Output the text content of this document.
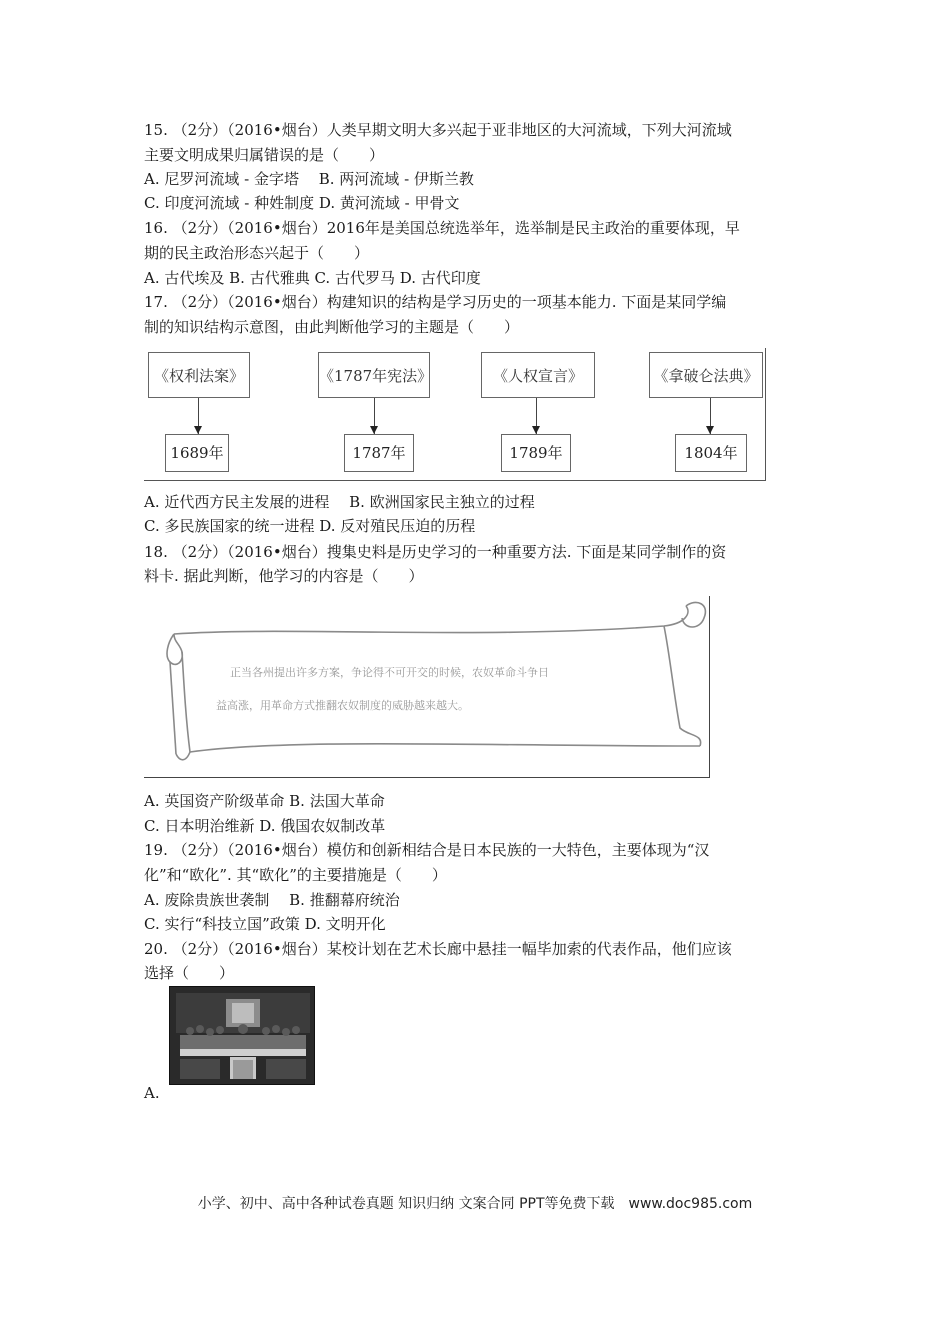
15. （2分）（2016•烟台）人类早期文明大多兴起于亚非地区的大河流域，下列大河流域
主要文明成果归属错误的是（　　）
A. 尼罗河流域 - 金字塔　 B. 两河流域 - 伊斯兰教
C. 印度河流域 - 种姓制度 D. 黄河流域 - 甲骨文
16. （2分）（2016•烟台）2016年是美国总统选举年，选举制是民主政治的重要体现，早
期的民主政治形态兴起于（　　）
A. 古代埃及 B. 古代雅典 C. 古代罗马 D. 古代印度
17. （2分）（2016•烟台）构建知识的结构是学习历史的一项基本能力. 下面是某同学编
制的知识结构示意图，由此判断他学习的主题是（　　）
《权利法案》
1689年
《1787年宪法》
1787年
《人权宣言》
1789年
《拿破仑法典》
1804年
A. 近代西方民主发展的进程　 B. 欧洲国家民主独立的过程
C. 多民族国家的统一进程 D. 反对殖民压迫的历程
18. （2分）（2016•烟台）搜集史料是历史学习的一种重要方法. 下面是某同学制作的资
料卡. 据此判断，他学习的内容是（　　）
正当各州提出许多方案，争论得不可开交的时候，农奴革命斗争日
益高涨，用革命方式推翻农奴制度的威胁越来越大。
A. 英国资产阶级革命 B. 法国大革命
C. 日本明治维新 D. 俄国农奴制改革
19. （2分）（2016•烟台）模仿和创新相结合是日本民族的一大特色，主要体现为“汉
化”和“欧化”. 其“欧化”的主要措施是（　　）
A. 废除贵族世袭制　 B. 推翻幕府统治
C. 实行“科技立国”政策 D. 文明开化
20. （2分）（2016•烟台）某校计划在艺术长廊中悬挂一幅毕加索的代表作品，他们应该
选择（　　）
A.
小学、初中、高中各种试卷真题 知识归纳 文案合同 PPT等免费下载　www.doc985.com
